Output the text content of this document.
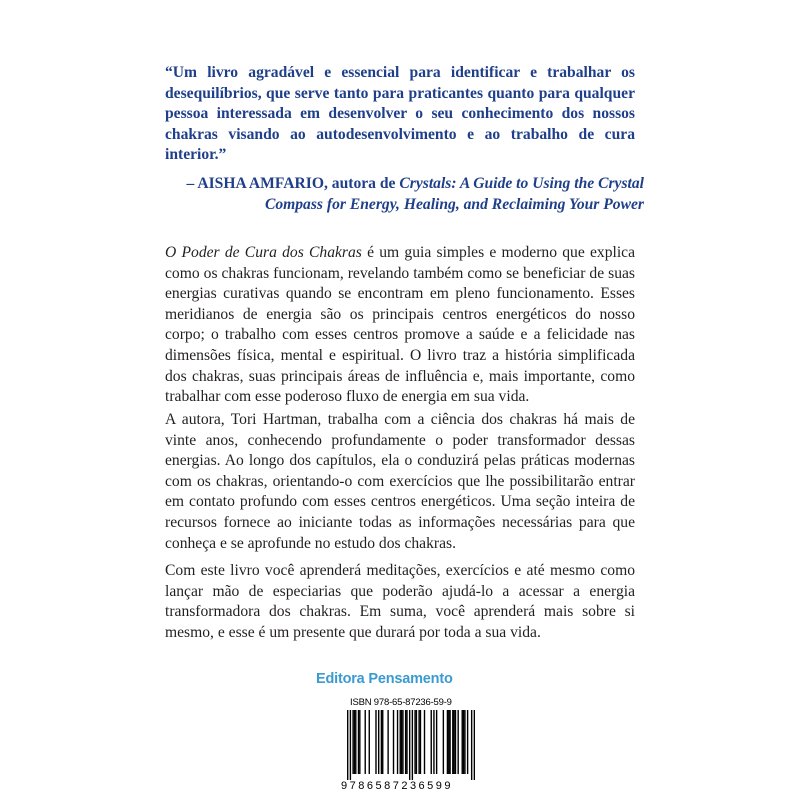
“Um livro agradável e essencial para identificar e trabalhar os desequilíbrios, que serve tanto para praticantes quanto para qualquer pessoa interessada em desenvolver o seu conhecimento dos nossos chakras visando ao autodesenvolvimento e ao trabalho de cura interior.”

– AISHA AMFARIO, autora de Crystals: A Guide to Using the Crystal Compass for Energy, Healing, and Reclaiming Your Power

O Poder de Cura dos Chakras é um guia simples e moderno que explica como os chakras funcionam, revelando também como se beneficiar de suas energias curativas quando se encontram em pleno funcionamento. Esses meridianos de energia são os principais centros energéticos do nosso corpo; o trabalho com esses centros promove a saúde e a felicidade nas dimensões física, mental e espiritual. O livro traz a história simplificada dos chakras, suas principais áreas de influência e, mais importante, como trabalhar com esse poderoso fluxo de energia em sua vida.

A autora, Tori Hartman, trabalha com a ciência dos chakras há mais de vinte anos, conhecendo profundamente o poder transformador dessas energias. Ao longo dos capítulos, ela o conduzirá pelas práticas modernas com os chakras, orientando-o com exercícios que lhe possibilitarão entrar em contato profundo com esses centros energéticos. Uma seção inteira de recursos fornece ao iniciante todas as informações necessárias para que conheça e se aprofunde no estudo dos chakras.

Com este livro você aprenderá meditações, exercícios e até mesmo como lançar mão de especiarias que poderão ajudá-lo a acessar a energia transformadora dos chakras. Em suma, você aprenderá mais sobre si mesmo, e esse é um presente que durará por toda a sua vida.

Editora Pensamento
ISBN 978-65-87236-59-9
9786587236599
